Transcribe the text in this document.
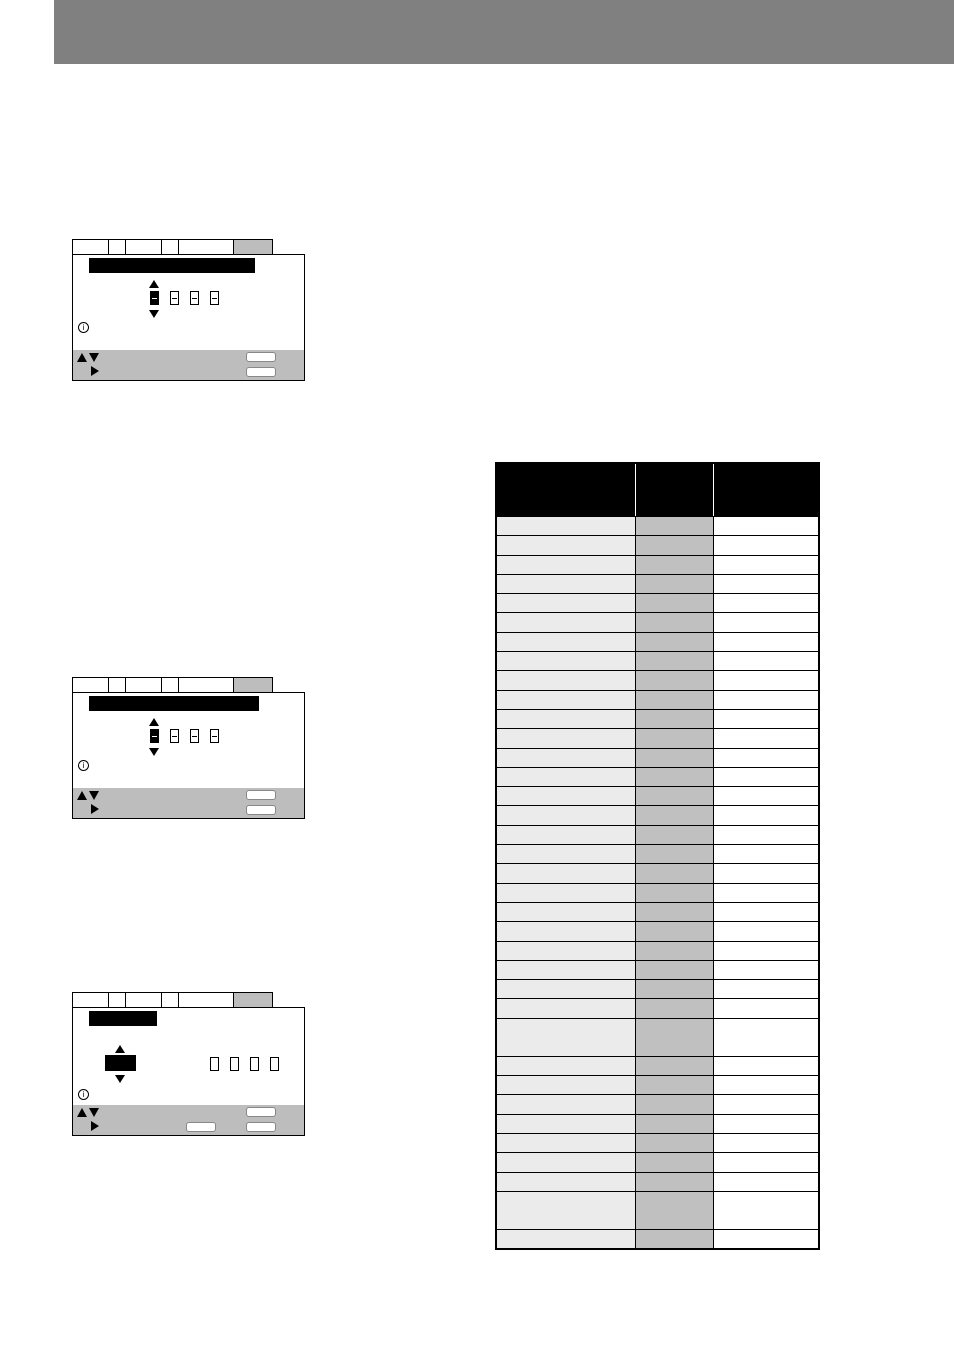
i
i
i
